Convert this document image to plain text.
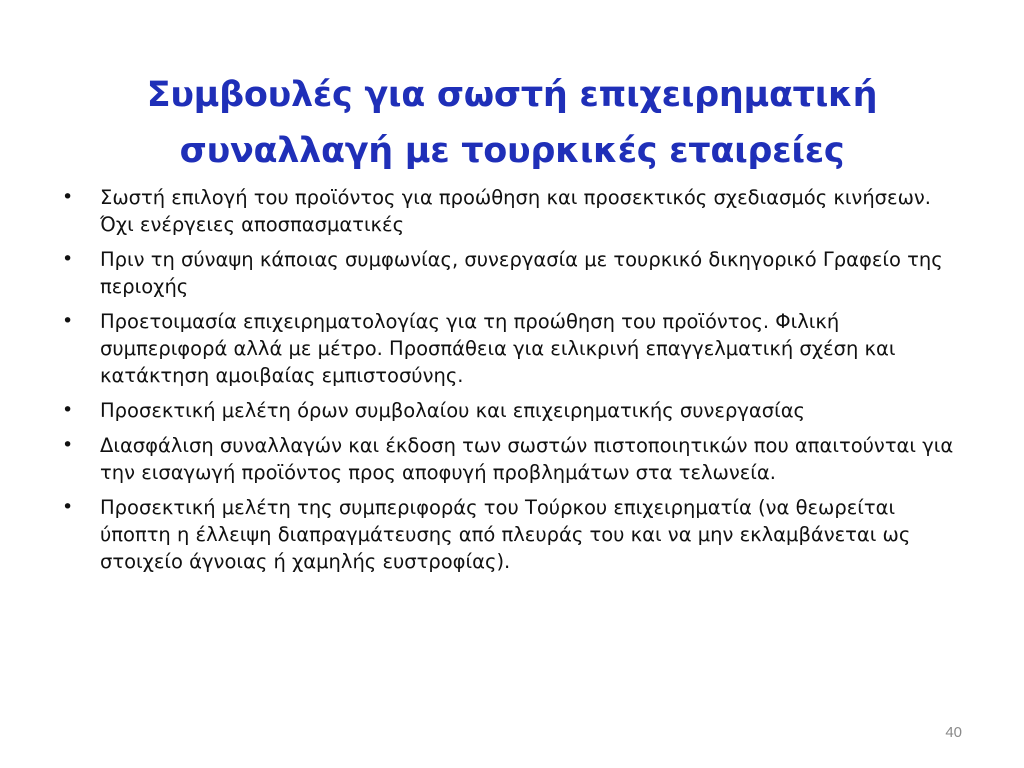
Συμβουλές για σωστή επιχειρηματική
συναλλαγή με τουρκικές εταιρείες
• Σωστή επιλογή του προϊόντος για προώθηση και προσεκτικός σχεδιασμός κινήσεων. Όχι ενέργειες αποσπασματικές
• Πριν τη σύναψη κάποιας συμφωνίας, συνεργασία με τουρκικό δικηγορικό Γραφείο της περιοχής
• Προετοιμασία επιχειρηματολογίας για τη προώθηση του προϊόντος. Φιλική συμπεριφορά αλλά με μέτρο. Προσπάθεια για ειλικρινή επαγγελματική σχέση και κατάκτηση αμοιβαίας εμπιστοσύνης.
• Προσεκτική μελέτη όρων συμβολαίου και επιχειρηματικής συνεργασίας
• Διασφάλιση συναλλαγών και έκδοση των σωστών πιστοποιητικών που απαιτούνται για την εισαγωγή προϊόντος προς αποφυγή προβλημάτων στα τελωνεία.
• Προσεκτική μελέτη της συμπεριφοράς του Τούρκου επιχειρηματία (να θεωρείται ύποπτη η έλλειψη διαπραγμάτευσης από πλευράς του και να μην εκλαμβάνεται ως στοιχείο άγνοιας ή χαμηλής ευστροφίας).
40
